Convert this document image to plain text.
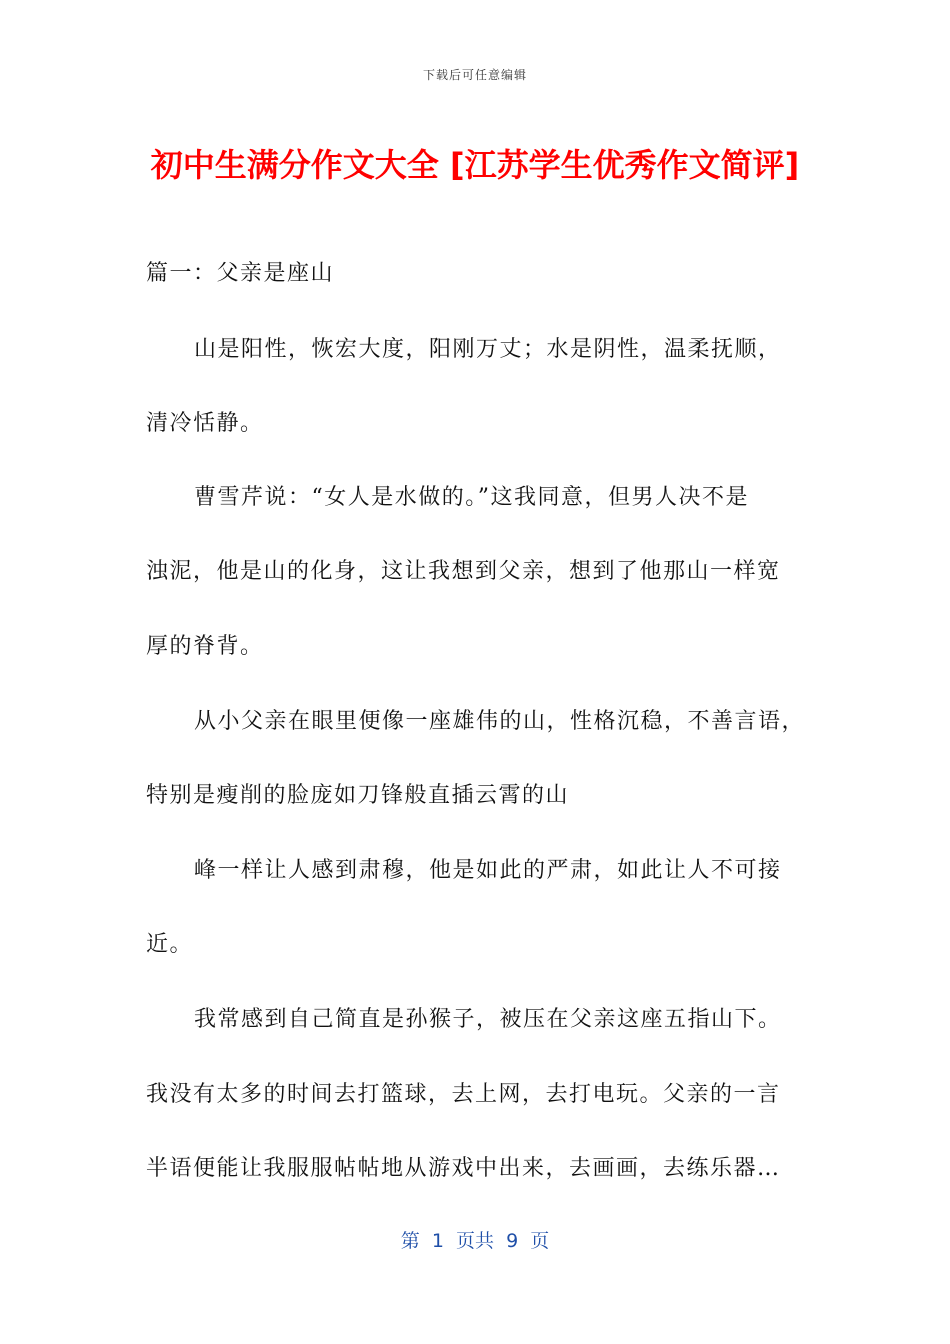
下载后可任意编辑
初中生满分作文大全 [江苏学生优秀作文简评]
篇一：父亲是座山
山是阳性，恢宏大度，阳刚万丈；水是阴性，温柔抚顺，
清冷恬静。
曹雪芹说：“女人是水做的。”这我同意，但男人决不是
浊泥，他是山的化身，这让我想到父亲，想到了他那山一样宽
厚的脊背。
从小父亲在眼里便像一座雄伟的山，性格沉稳，不善言语，
特别是瘦削的脸庞如刀锋般直插云霄的山
峰一样让人感到肃穆，他是如此的严肃，如此让人不可接
近。
我常感到自己简直是孙猴子，被压在父亲这座五指山下。
我没有太多的时间去打篮球，去上网，去打电玩。父亲的一言
半语便能让我服服帖帖地从游戏中出来，去画画，去练乐器…
第  1  页共  9  页
